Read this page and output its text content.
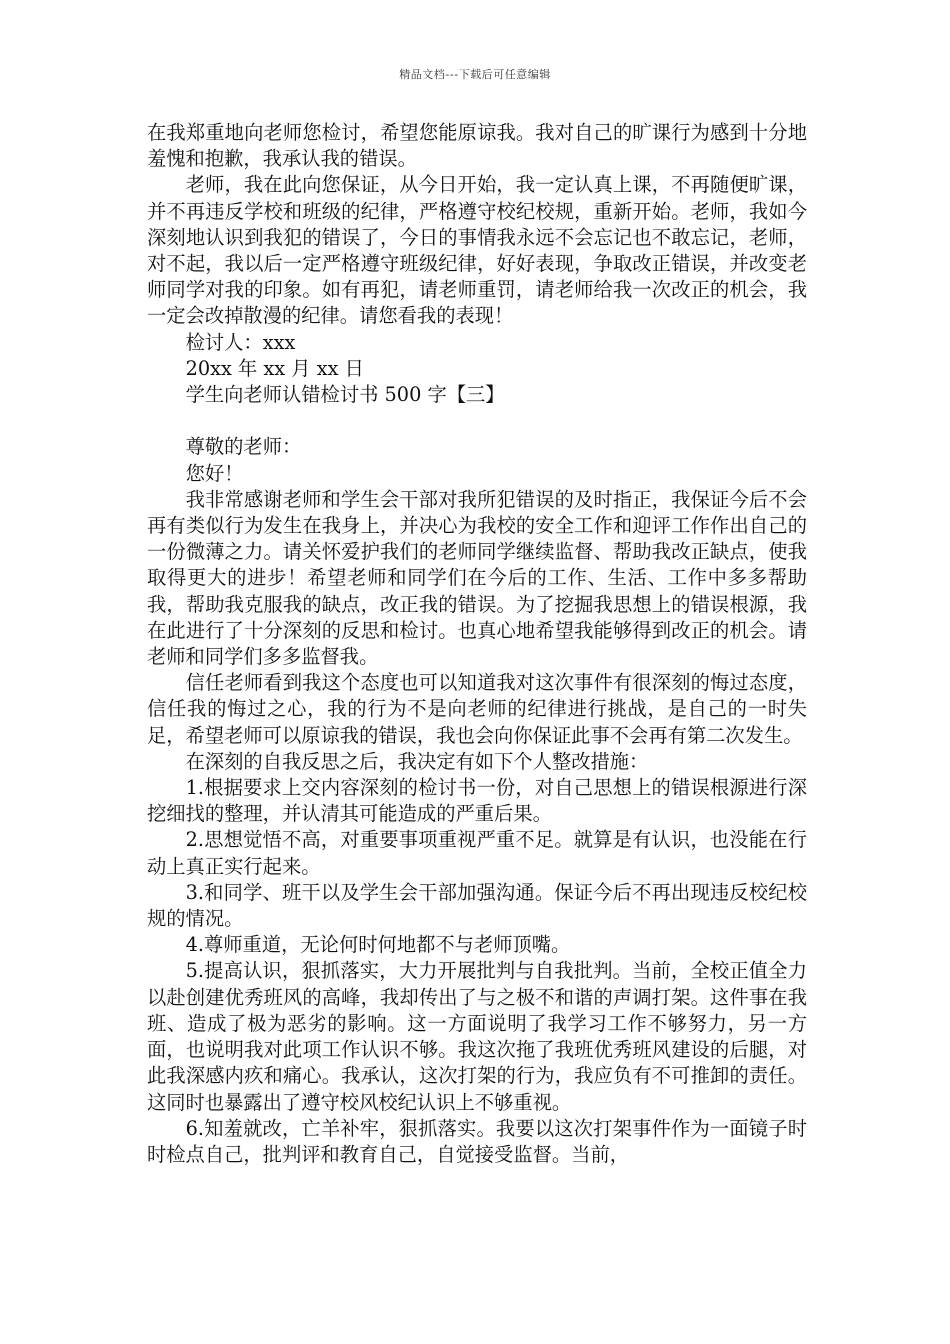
精品文档---下载后可任意编辑

在我郑重地向老师您检讨，希望您能原谅我。我对自己的旷课行为感到十分地羞愧和抱歉，我承认我的错误。

老师，我在此向您保证，从今日开始，我一定认真上课，不再随便旷课，并不再违反学校和班级的纪律，严格遵守校纪校规，重新开始。老师，我如今深刻地认识到我犯的错误了，今日的事情我永远不会忘记也不敢忘记，老师，对不起，我以后一定严格遵守班级纪律，好好表现，争取改正错误，并改变老师同学对我的印象。如有再犯，请老师重罚，请老师给我一次改正的机会，我一定会改掉散漫的纪律。请您看我的表现！

检讨人：xxx

20xx 年 xx 月 xx 日

学生向老师认错检讨书 500 字【三】

尊敬的老师：

您好！

我非常感谢老师和学生会干部对我所犯错误的及时指正，我保证今后不会再有类似行为发生在我身上，并决心为我校的安全工作和迎评工作作出自己的一份微薄之力。请关怀爱护我们的老师同学继续监督、帮助我改正缺点，使我取得更大的进步！希望老师和同学们在今后的工作、生活、工作中多多帮助我，帮助我克服我的缺点，改正我的错误。为了挖掘我思想上的错误根源，我在此进行了十分深刻的反思和检讨。也真心地希望我能够得到改正的机会。请老师和同学们多多监督我。

信任老师看到我这个态度也可以知道我对这次事件有很深刻的悔过态度，信任我的悔过之心，我的行为不是向老师的纪律进行挑战，是自己的一时失足，希望老师可以原谅我的错误，我也会向你保证此事不会再有第二次发生。

在深刻的自我反思之后，我决定有如下个人整改措施：

1.根据要求上交内容深刻的检讨书一份，对自己思想上的错误根源进行深挖细找的整理，并认清其可能造成的严重后果。

2.思想觉悟不高，对重要事项重视严重不足。就算是有认识，也没能在行动上真正实行起来。

3.和同学、班干以及学生会干部加强沟通。保证今后不再出现违反校纪校规的情况。

4.尊师重道，无论何时何地都不与老师顶嘴。

5.提高认识，狠抓落实，大力开展批判与自我批判。当前，全校正值全力以赴创建优秀班风的高峰，我却传出了与之极不和谐的声调打架。这件事在我班、造成了极为恶劣的影响。这一方面说明了我学习工作不够努力，另一方面，也说明我对此项工作认识不够。我这次拖了我班优秀班风建设的后腿，对此我深感内疚和痛心。我承认，这次打架的行为，我应负有不可推卸的责任。这同时也暴露出了遵守校风校纪认识上不够重视。

6.知羞就改，亡羊补牢，狠抓落实。我要以这次打架事件作为一面镜子时时检点自己，批判评和教育自己，自觉接受监督。当前，
